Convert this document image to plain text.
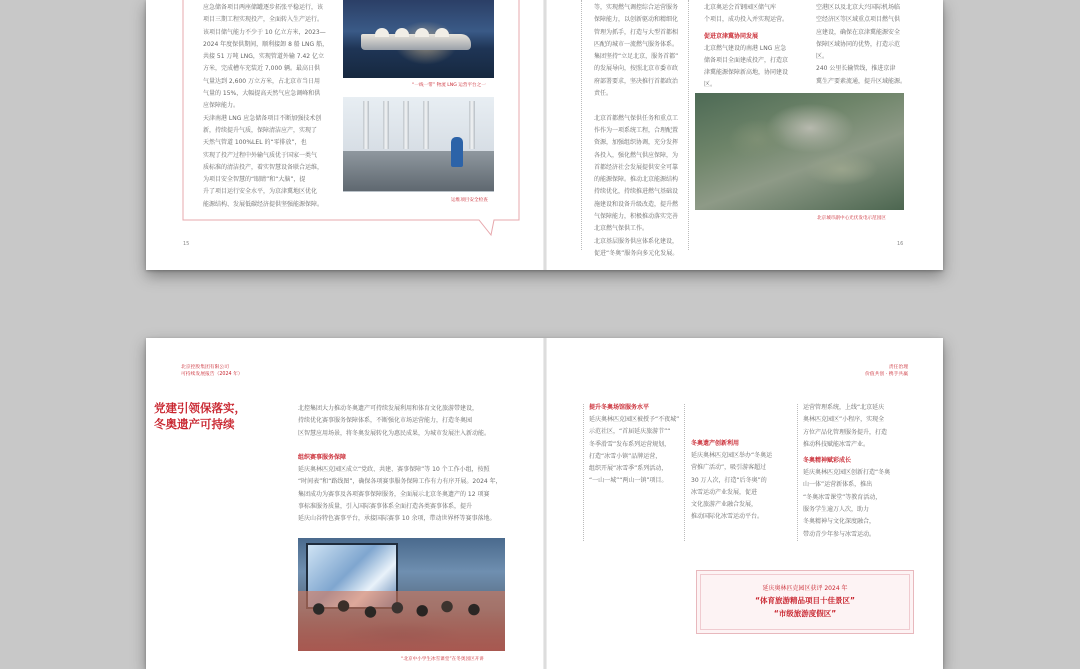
应急储备项目两座储罐逐步拓张平稳运行，该

项目三期工程实现投产，全面转入生产运行。

该项目储气能力不少于 10 亿立方米，2023—

2024 年度保供期间，顺利接卸 8 船 LNG 船，

共接 51 万吨 LNG，实现管道外输 7.42 亿立

方米，完成槽车充装近 7,000 辆。最高日供

气量达到 2,600 万立方米，占北京市当日用

气量的 15%，大幅提高天然气应急调峰和供

应保障能力。

天津南港 LNG 应急储备项目不断加强技术创

新，持续提升气质，保障清洁应产，实现了

天然气管道 100%LEL 的“零排放”，也

实现了投产过程中外输气质优于国家一类气

质标准的清洁投产，着实智慧设备联合运维，

为项目安全智慧的“眼睛”和“大脑”，提

升了项目运行安全水平，为京津冀地区优化

能源结构、发展低碳经济提供坚强能源保障。

“一线一带” 物流 LNG 运营平台之一
运维项目安全检查
15

等，实现燃气调控综合运营服务

保障能力，以创新驱动和精细化

管理为抓手，打造与大型首都相

匹配的城市一流燃气服务体系。

集团坚持“立足北京，服务首都”

的发展导向，按照北京市委市政

府部署要求，坚决推行首都政治

责任。

北京首都燃气保供任务和重点工

作作为一项系统工程，合理配置

资源，加强组织协调，充分发挥

各投入，强化燃气供应保障，为

首都经济社会发展提供安全可靠

的能源保障。推动北京能源结构

持续优化，持续推进燃气基础设

施建设和设备升级改造，提升燃

气保障能力，积极推动落实完善

北京燃气保供工作。

北京基层服务供应体系化建设，

促进“冬奥”服务向多元化发展。

北京奥运会首钢园区储气库

个项目，成功投入并实现运营。

促进京津冀协同发展

北京燃气建设的南港 LNG 应急

储备项目全面建成投产，打造京

津冀能源保障新高地，协同建设

区。

空港区以及北京大兴国际机场临

空经济区等区域重点项目燃气供

应建设，确保在京津冀能源安全

保障区域协同的优势，打造示范

区。

240 公里长输管线，推进京津

冀生产要素流通，提升区域能源。

北京城市副中心光伏发电示范园区
16
北京控股集团有限公司
可持续发展报告（2024 年）
责任治理
价值共创 · 携手共赢
党建引领保落实，
冬奥遗产可持续

北控集团大力推动冬奥遗产可持续发展利用和体育文化旅游带建设，

持续优化赛事服务保障体系，不断强化市场运营能力，打造冬奥园

区智慧应用场景，将冬奥发展转化为惠民成果，为城市发展注入新动能。

组织赛事服务保障

延庆奥林匹克园区成立“党政、共建、赛事保障”等 10 个工作小组，按照

“时间表”和“路线图”，确保各项赛事服务保障工作有力有序开展。2024 年，

集团成功为赛事及各项赛事保障服务，全面展示北京冬奥遗产的 12 项赛

事标准服务质量，引入国际赛事体系全面打造各类赛事体系，提升

延庆山谷特色赛事平台，承接国际赛事 10 余项，带动世界杯等赛事落地。

“北京中小学生冰雪课堂”在冬奥园区开讲

提升冬奥场馆服务水平

延庆奥林匹克园区被授予“不夜城”

示范社区，“首届延庆旅游节”“

冬季滑雪”发布系列运营规划，

打造“冰雪小镇”品牌运营，

组织开展“冰雪季”系列活动，

“一山一城”“两山一镇”项目。

冬奥遗产创新利用

延庆奥林匹克园区举办“冬奥运

营推广活动”，吸引游客超过

30 万人次，打造“后冬奥”的

冰雪运动产业发展，促进

文化旅游产业融合发展，

推动国际化冰雪运动平台。

运营管理系统，上线“北京延庆

奥林匹克园区”小程序，实现全

方位产品化管理服务提升，打造

推动科技赋能冰雪产业。

冬奥精神赋彩成长

延庆奥林匹克园区创新打造“冬奥

山一体”运营新体系，推出

“冬奥冰雪课堂”等教育活动，

服务学生逾万人次，助力

冬奥精神与文化深度融合，

带动青少年参与冰雪运动。

延庆奥林匹克园区获评 2024 年
“体育旅游精品项目十佳景区”
“市级旅游度假区”
